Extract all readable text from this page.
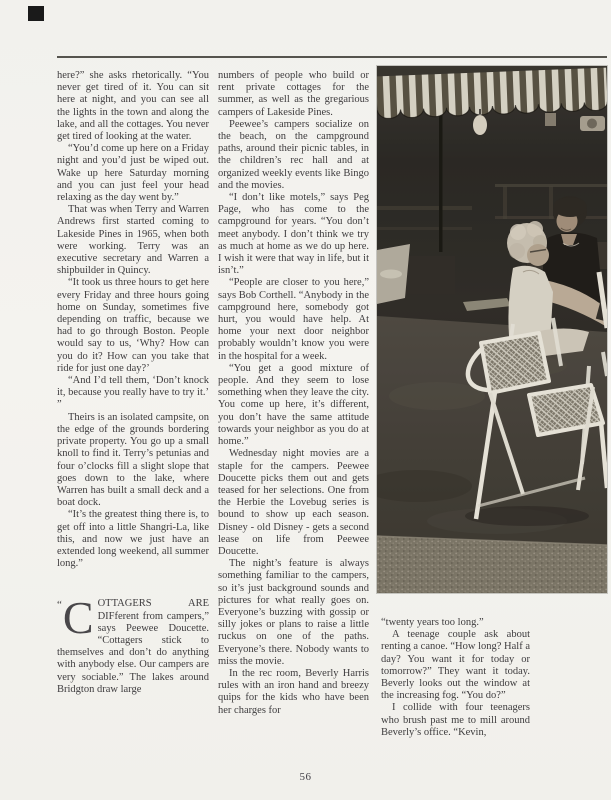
here?” she asks rhetorically. “You never get tired of it. You can sit here at night, and you can see all the lights in the town and along the lake, and all the cottages. You never get tired of looking at the water.

“You’d come up here on a Friday night and you’d just be wiped out. Wake up here Saturday morning and you can just feel your head relaxing as the day went by.”

That was when Terry and Warren Andrews first started coming to Lakeside Pines in 1965, when both were working. Terry was an executive secretary and Warren a shipbuilder in Quincy.

“It took us three hours to get here every Friday and three hours going home on Sunday, sometimes five depending on traffic, because we had to go through Boston. People would say to us, ‘Why? How can you do it? How can you take that ride for just one day?’

“And I’d tell them, ‘Don’t knock it, because you really have to try it.’ ”

Theirs is an isolated campsite, on the edge of the grounds bordering private property. You go up a small knoll to find it. Terry’s petunias and four o’clocks fill a slight slope that goes down to the lake, where Warren has built a small deck and a boat dock.

“It’s the greatest thing there is, to get off into a little Shangri-La, like this, and now we just have an extended long weekend, all summer long.”

“ C OTTAGERS ARE DIFferent from campers,” says Peewee Doucette. “Cottagers stick to themselves and don’t do anything with anybody else. Our campers are very sociable.” The lakes around Bridgton draw large

numbers of people who build or rent private cottages for the summer, as well as the gregarious campers of Lakeside Pines.

Peewee’s campers socialize on the beach, on the campground paths, around their picnic tables, in the children’s rec hall and at organized weekly events like Bingo and the movies.

“I don’t like motels,” says Peg Page, who has come to the campground for years. “You don’t meet anybody. I don’t think we try as much at home as we do up here. I wish it were that way in life, but it isn’t.”

“People are closer to you here,” says Bob Corthell. “Anybody in the campground here, somebody got hurt, you would have help. At home your next door neighbor probably wouldn’t know you were in the hospital for a week.

“You get a good mixture of people. And they seem to lose something when they leave the city. You come up here, it’s different, you don’t have the same attitude towards your neighbor as you do at home.”

Wednesday night movies are a staple for the campers. Peewee Doucette picks them out and gets teased for her selections. One from the Herbie the Lovebug series is bound to show up each season. Disney - old Disney - gets a second lease on life from Peewee Doucette.

The night’s feature is always something familiar to the campers, so it’s just background sounds and pictures for what really goes on. Everyone’s buzzing with gossip or silly jokes or plans to raise a little ruckus on one of the paths. Everyone’s there. Nobody wants to miss the movie.

In the rec room, Beverly Harris rules with an iron hand and breezy quips for the kids who have been her charges for

“twenty years too long.”

A teenage couple ask about renting a canoe. “How long? Half a day? You want it for today or tomorrow?” They want it today. Beverly looks out the window at the increasing fog. “You do?”

I collide with four teenagers who brush past me to mill around Beverly’s office. “Kevin,

56
